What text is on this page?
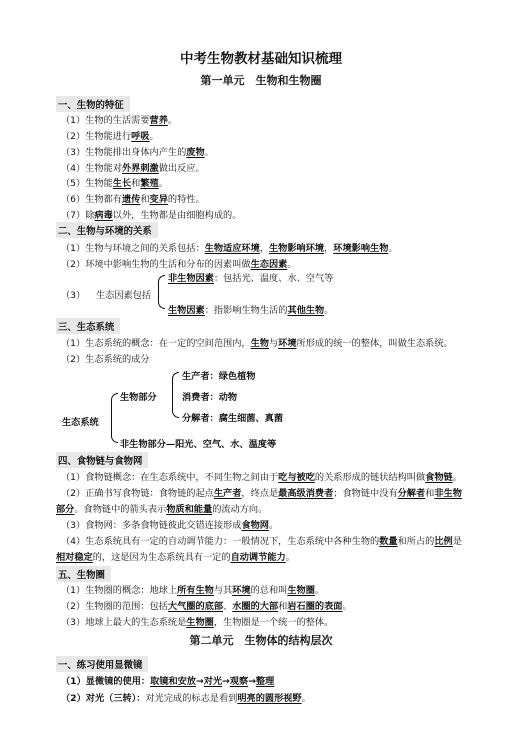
中考生物教材基础知识梳理
第一单元　生物和生物圈
一、生物的特征
（1）生物的生活需要营养。
（2）生物能进行呼吸。
（3）生物能排出身体内产生的废物。
（4）生物能对外界刺激做出反应。
（5）生物能生长和繁殖。
（6）生物都有遗传和变异的特性。
（7）除病毒以外，生物都是由细胞构成的。
二、生物与环境的关系
（1）生物与环境之间的关系包括：生物适应环境，生物影响环境，环境影响生物。
（2）环境中影响生物的生活和分布的因素叫做生态因素。
（3） 生态因素包括
非生物因素：包括光、温度、水、空气等
生物因素：指影响生物生活的其他生物。
三、生态系统
（1）生态系统的概念：在一定的空间范围内，生物与环境所形成的统一的整体，叫做生态系统。
（2）生态系统的成分
生态系统
生物部分
生产者：绿色植物
消费者：动物
分解者：腐生细菌、真菌
非生物部分—阳光、空气、水、温度等
四、食物链与食物网
（1）食物链概念：在生态系统中，不同生物之间由于吃与被吃的关系形成的链状结构叫做食物链。
（2）正确书写食物链：食物链的起点生产者，终点是最高级消费者；食物链中没有分解者和非生物
部分。食物链中的箭头表示物质和能量的流动方向。
（3）食物网：多条食物链彼此交错连接形成食物网。
（4）生态系统具有一定的自动调节能力：一般情况下，生态系统中各种生物的数量和所占的比例是
相对稳定的，这是因为生态系统具有一定的自动调节能力。
五、生物圈
（1）生物圈的概念：地球上所有生物与其环境的总和叫生物圈。
（2）生物圈的范围：包括大气圈的底部、水圈的大部和岩石圈的表面。
（3）地球上最大的生态系统是生物圈，生物圈是一个统一的整体。
第二单元　生物体的结构层次
一、练习使用显微镜
（1）显微镜的使用：取镜和安放→对光→观察→整理
（2）对光（三转）：对光完成的标志是看到明亮的圆形视野。
